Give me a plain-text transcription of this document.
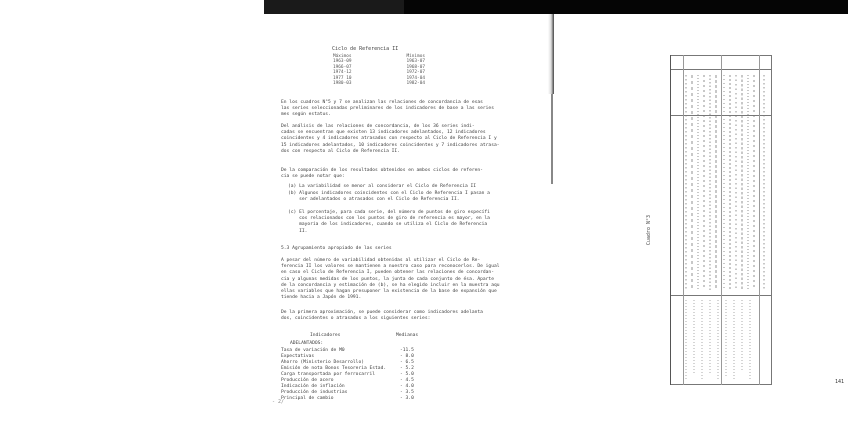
Ciclo de Referencia II
Máximos	Mínimos
1963-09	1963-07
1966-07	1968-07
1974-12	1972-07
1977 10	1974-04
1980-03	1982-04
En los cuadros N°5 y 7 se analizan las relaciones de concordancia de esas
las series seleccionadas preliminares de los indicadores de base a las series
mes según estatus.
Del análisis de las relaciones de concordancia, de los 36 series indi-
cadas se encuentran que existen 13 indicadores adelantados, 12 indicadores
coincidentes y 4 indicadores atrasados con respecto al Ciclo de Referencia I y
15 indicadores adelantados, 10 indicadores coincidentes y 7 indicadores atrasa-
dos con respecto al Ciclo de Referencia II.
De la comparación de los resultados obtenidos en ambos ciclos de referen-
cia se puede notar que:
(a) La variabilidad se menor al considerar el Ciclo de Referencia II
(b) Algunos indicadores coincidentes con el Ciclo de Referencia I pasan a
ser adelantados o atrasados con el Ciclo de Referencia II.
(c) El porcentaje, para cada serie, del número de puntos de giro específi
cos relacionados con los puntos de giro de referencia es mayor, en la
mayoría de los indicadores, cuando se utiliza el Ciclo de Referencia
II.
5.3 Agrupamiento apropiado de las series
A pesar del número de variabilidad obtenidas al utilizar el Ciclo de Re-
ferencia II los valores se mantienen a nuestro caso para reconocerlos. De igual
en caso el Ciclo de Referencia I, pueden obtener las relaciones de concordan-
cia y algunas medidas de los puntos, la junta de cada conjunto de ésa. Aparte
de la concordancia y estimación de (b), se ha elegido incluir en la muestra aqu
ellas variables que hagan presuponer la existencia de la base de expansión que
tiende hacia a Japón de 1991.
De la primera aproximación, se puede considerar como indicadores adelanta
dos, coincidentes o atrasados a los siguientes series:
Indicadores	Medianas
ADELANTADOS:
Tasa de variación de M0	-11.5
Expectativas	- 8.0
Ahorro (Ministerio Desarrollo)	- 6.5
Emisión de nota Bonos Tesoreria Estad.	- 5.2
Carga transportada por ferrocarril	- 5.0
Producción de acero	- 4.5
Indicación de inflación	- 4.0
Producción de industrias	- 3.5
Principal de cambio	- 3.0
- 2/
Cuadro N°3
141
